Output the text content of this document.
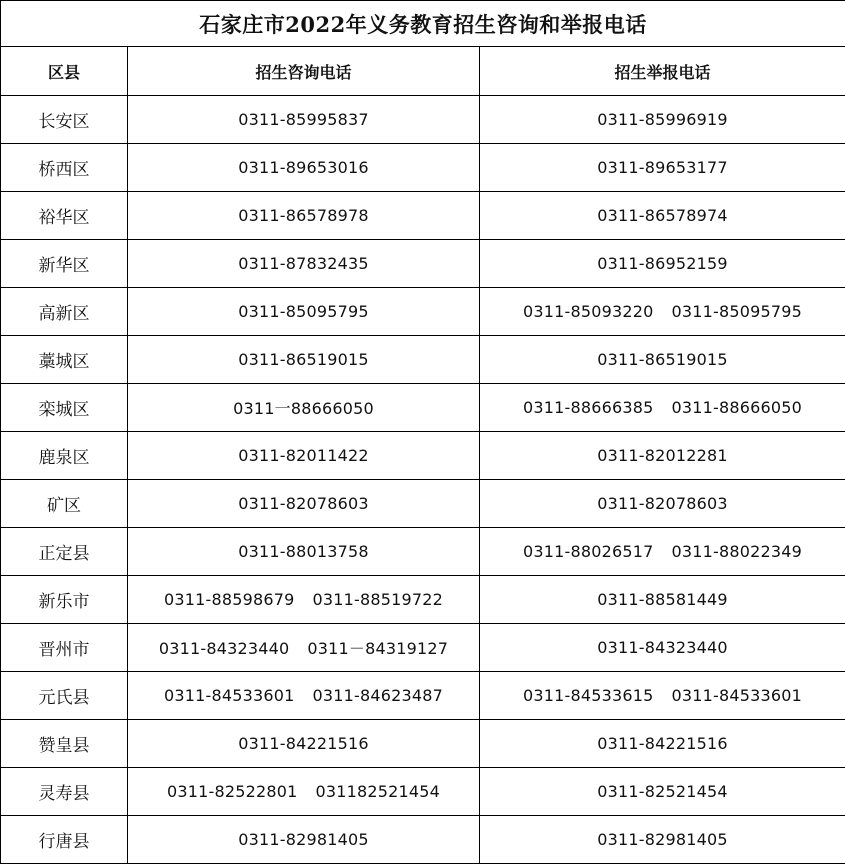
石家庄市2022年义务教育招生咨询和举报电话		
区县	招生咨询电话	招生举报电话
长安区	0311-85995837	0311-85996919
桥西区	0311-89653016	0311-89653177
裕华区	0311-86578978	0311-86578974
新华区	0311-87832435	0311-86952159
高新区	0311-85095795	0311-85093220 0311-85095795
藁城区	0311-86519015	0311-86519015
栾城区	0311一88666050	0311-88666385 0311-88666050
鹿泉区	0311-82011422	0311-82012281
矿区	0311-82078603	0311-82078603
正定县	0311-88013758	0311-88026517 0311-88022349
新乐市	0311-88598679 0311-88519722	0311-88581449
晋州市	0311-84323440 0311－84319127	0311-84323440
元氏县	0311-84533601 0311-84623487	0311-84533615 0311-84533601
赞皇县	0311-84221516	0311-84221516
灵寿县	0311-82522801 031182521454	0311-82521454
行唐县	0311-82981405	0311-82981405
